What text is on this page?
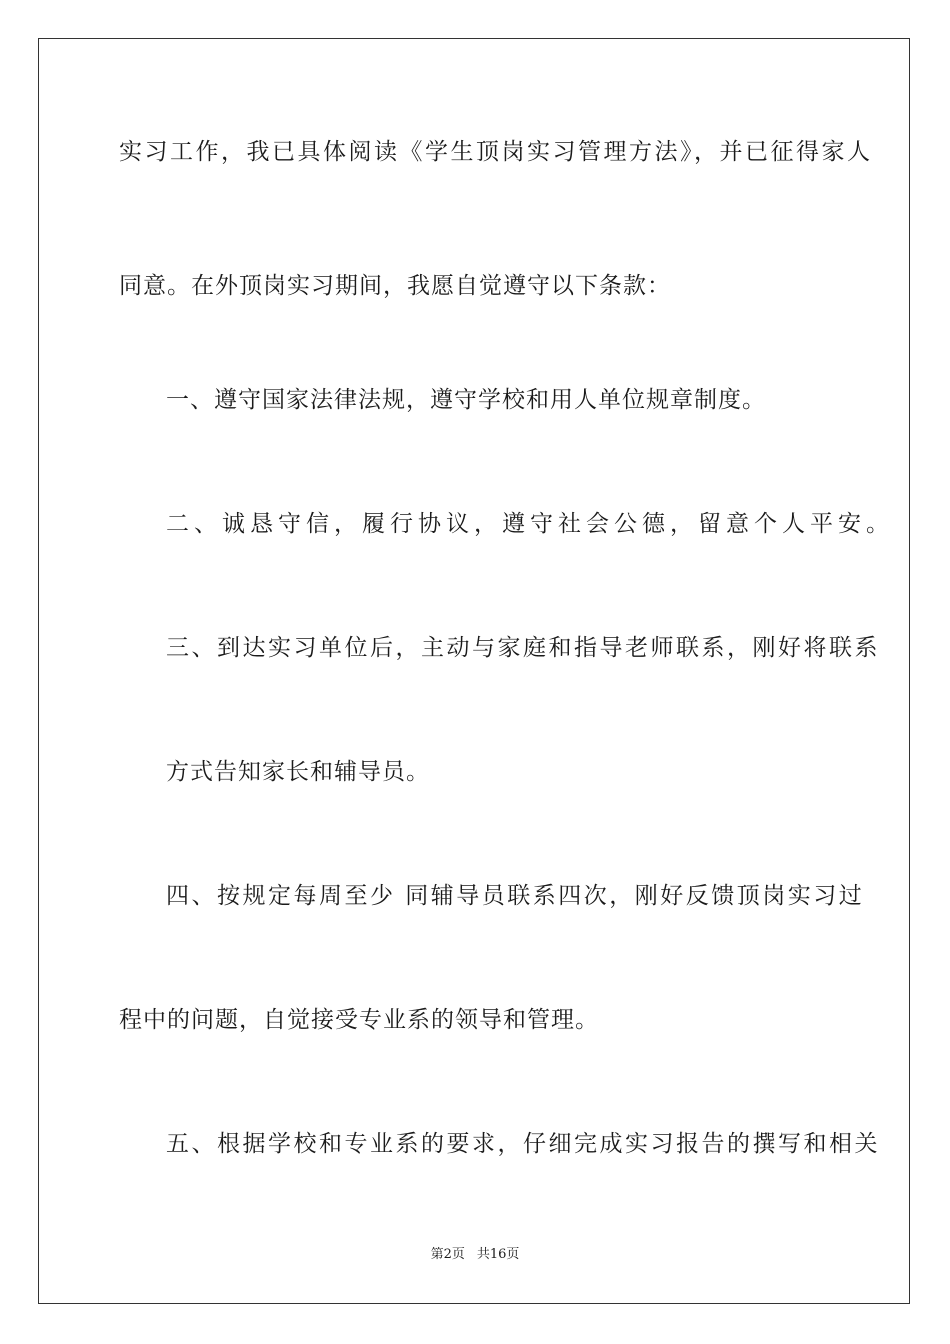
实习工作，我已具体阅读《学生顶岗实习管理方法》，并已征得家人
同意。在外顶岗实习期间，我愿自觉遵守以下条款：
一、遵守国家法律法规，遵守学校和用人单位规章制度。
二、诚恳守信，履行协议，遵守社会公德，留意个人平安。
三、到达实习单位后，主动与家庭和指导老师联系，刚好将联系
方式告知家长和辅导员。
四、按规定每周至少 同辅导员联系四次，刚好反馈顶岗实习过
程中的问题，自觉接受专业系的领导和管理。
五、根据学校和专业系的要求，仔细完成实习报告的撰写和相关
第2页 共16页
